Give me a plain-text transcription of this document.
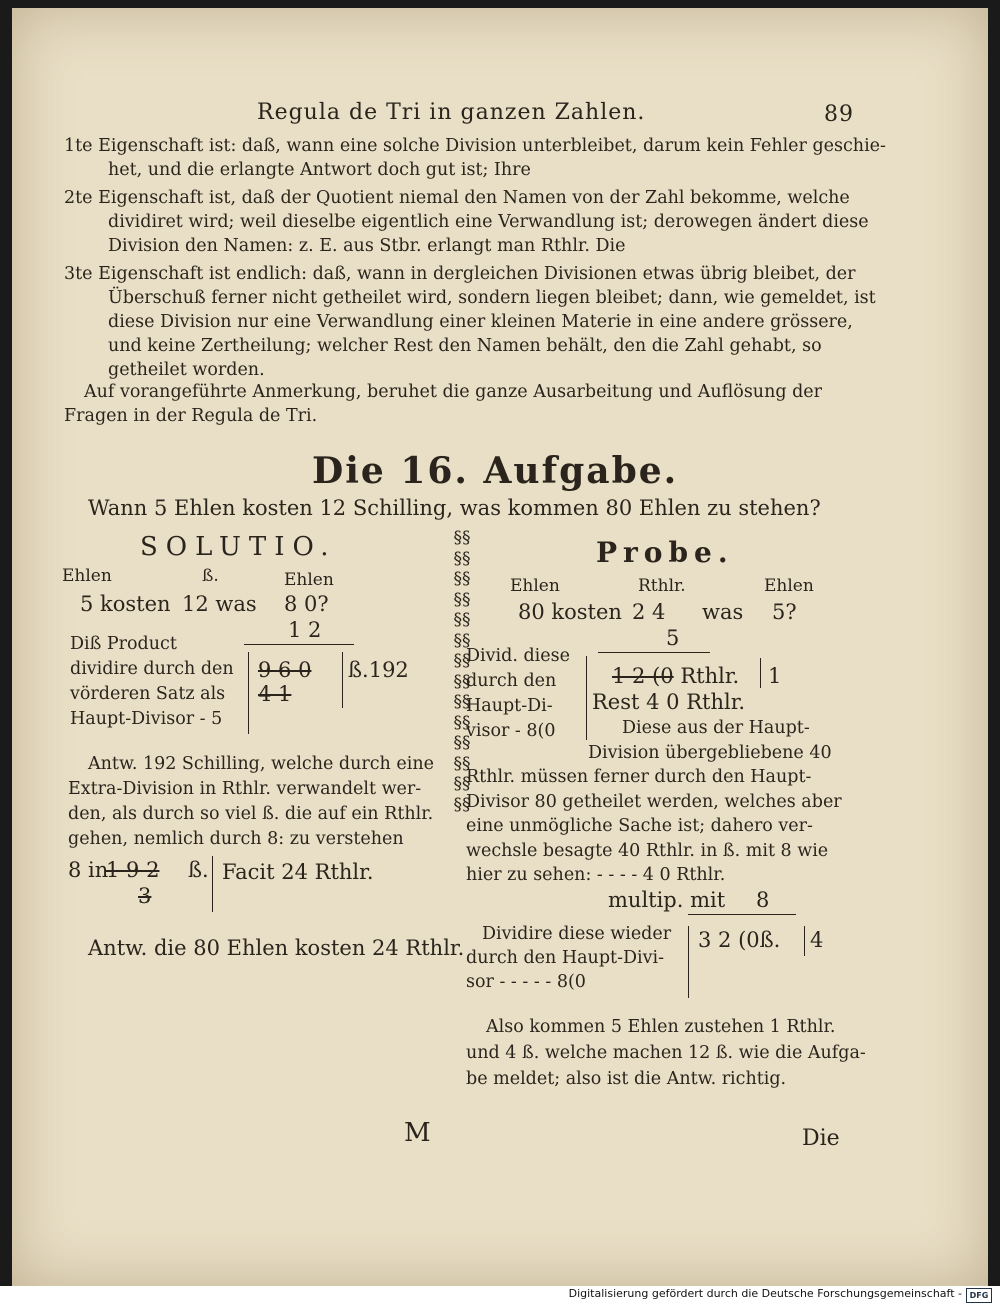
Regula de Tri in ganzen Zahlen.	89
1te Eigenschaft ist: daß, wann eine solche Division unterbleibet, darum kein Fehler geschie-
het, und die erlangte Antwort doch gut ist; Ihre
2te Eigenschaft ist, daß der Quotient niemal den Namen von der Zahl bekomme, welche
dividiret wird; weil dieselbe eigentlich eine Verwandlung ist; derowegen ändert diese
Division den Namen: z. E. aus Stbr. erlangt man Rthlr. Die
3te Eigenschaft ist endlich: daß, wann in dergleichen Divisionen etwas übrig bleibet, der
Überschuß ferner nicht getheilet wird, sondern liegen bleibet; dann, wie gemeldet, ist
diese Division nur eine Verwandlung einer kleinen Materie in eine andere grössere,
und keine Zertheilung; welcher Rest den Namen behält, den die Zahl gehabt, so
getheilet worden.
Auf vorangeführte Anmerkung, beruhet die ganze Ausarbeitung und Auflösung der
Fragen in der Regula de Tri.
Die 16. Aufgabe.
Wann 5 Ehlen kosten 12 Schilling, was kommen 80 Ehlen zu stehen?
SOLUTIO.
Ehlen	ß.	Ehlen
5 kosten 12 was 8 0?
1 2
Diß Product
dividire durch den
vörderen Satz als
Haupt-Divisor - 5
9 6 0
4 1
ß.192
Antw. 192 Schilling, welche durch eine
Extra-Division in Rthlr. verwandelt wer-
den, als durch so viel ß. die auf ein Rthlr.
gehen, nemlich durch 8: zu verstehen
8 in
1 9 2 ß.
3
Facit 24 Rthlr.
Antw. die 80 Ehlen kosten 24 Rthlr.
§§§§§§§§§§§§§§§§§§§§§§§§§§§§
Probe.
Ehlen	Rthlr.	Ehlen
80 kosten 2 4 was 5?
5
Divid. diese
durch den
Haupt-Di-
visor - 8(0
1 2 (0 Rthlr. 1
Rest 4 0 Rthlr.
Diese aus der Haupt-
Division übergebliebene 40
Rthlr. müssen ferner durch den Haupt-
Divisor 80 getheilet werden, welches aber
eine unmögliche Sache ist; dahero ver-
wechsle besagte 40 Rthlr. in ß. mit 8 wie
hier zu sehen: - - - - 4 0 Rthlr.
multip. mit 8
Dividire diese wieder
durch den Haupt-Divi-
sor - - - - - 8(0
3 2 (0ß. 4
Also kommen 5 Ehlen zustehen 1 Rthlr.
und 4 ß. welche machen 12 ß. wie die Aufga-
be meldet; also ist die Antw. richtig.
M	Die
Digitalisierung gefördert durch die Deutsche Forschungsgemeinschaft - DFG
